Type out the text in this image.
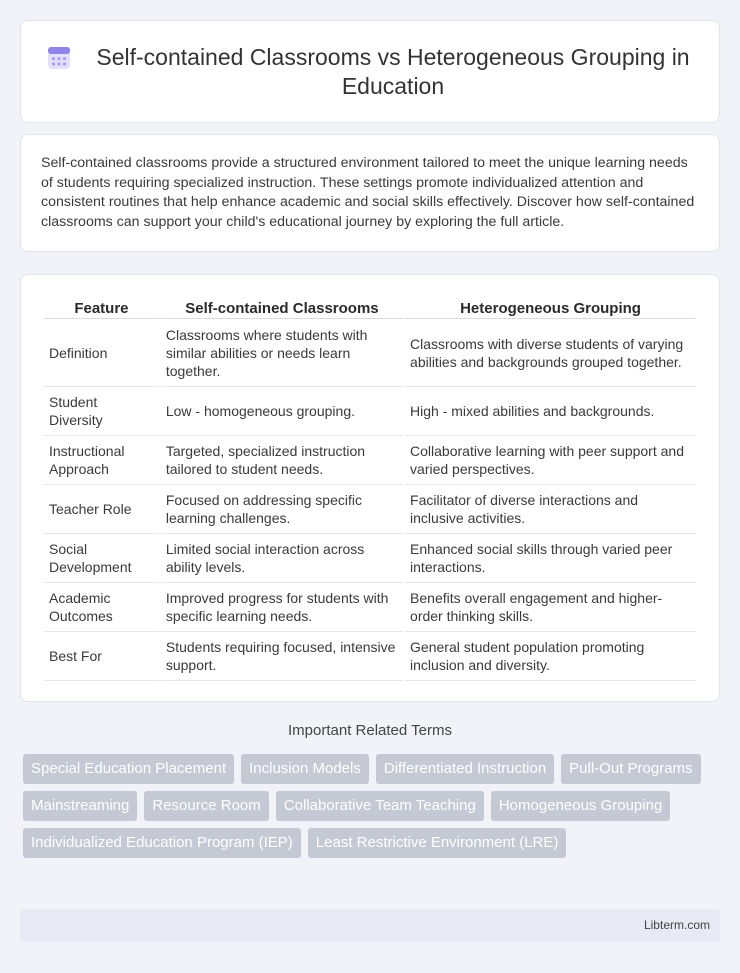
Self-contained Classrooms vs Heterogeneous Grouping in Education

Self-contained classrooms provide a structured environment tailored to meet the unique learning needs of students requiring specialized instruction. These settings promote individualized attention and consistent routines that help enhance academic and social skills effectively. Discover how self-contained classrooms can support your child's educational journey by exploring the full article.

Feature	Self-contained Classrooms	Heterogeneous Grouping
Definition	Classrooms where students with similar abilities or needs learn together.	Classrooms with diverse students of varying abilities and backgrounds grouped together.
Student Diversity	Low - homogeneous grouping.	High - mixed abilities and backgrounds.
Instructional Approach	Targeted, specialized instruction tailored to student needs.	Collaborative learning with peer support and varied perspectives.
Teacher Role	Focused on addressing specific learning challenges.	Facilitator of diverse interactions and inclusive activities.
Social Development	Limited social interaction across ability levels.	Enhanced social skills through varied peer interactions.
Academic Outcomes	Improved progress for students with specific learning needs.	Benefits overall engagement and higher-order thinking skills.
Best For	Students requiring focused, intensive support.	General student population promoting inclusion and diversity.
Important Related Terms
Special Education Placement	Inclusion Models	Differentiated Instruction	Pull-Out Programs
Mainstreaming	Resource Room	Collaborative Team Teaching	Homogeneous Grouping
Individualized Education Program (IEP)	Least Restrictive Environment (LRE)
Libterm.com
